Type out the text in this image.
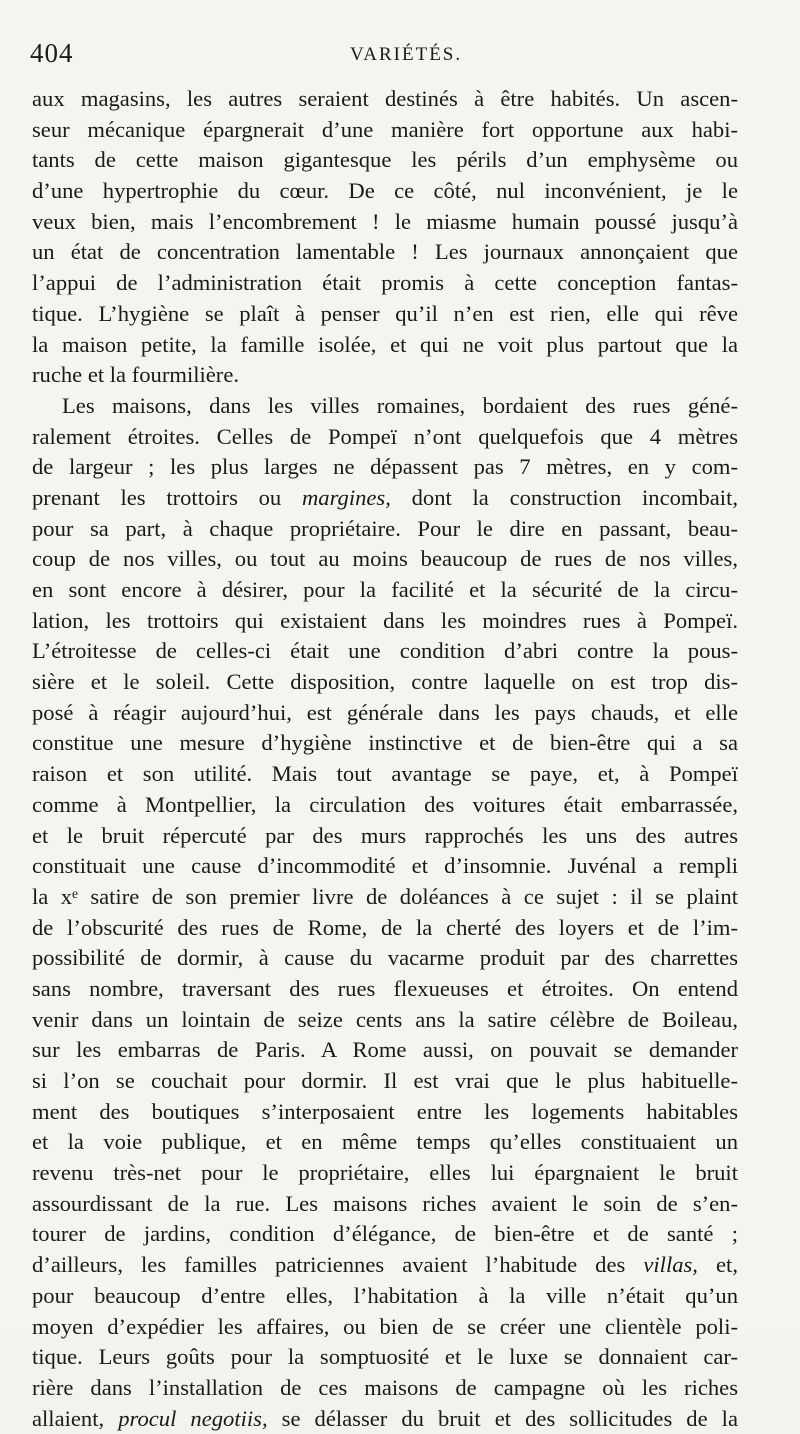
404	VARIÉTÉS.
aux magasins, les autres seraient destinés à être habités. Un ascen-
seur mécanique épargnerait d’une manière fort opportune aux habi-
tants de cette maison gigantesque les périls d’un emphysème ou
d’une hypertrophie du cœur. De ce côté, nul inconvénient, je le
veux bien, mais l’encombrement ! le miasme humain poussé jusqu’à
un état de concentration lamentable ! Les journaux annonçaient que
l’appui de l’administration était promis à cette conception fantas-
tique. L’hygiène se plaît à penser qu’il n’en est rien, elle qui rêve
la maison petite, la famille isolée, et qui ne voit plus partout que la
ruche et la fourmilière.
Les maisons, dans les villes romaines, bordaient des rues géné-
ralement étroites. Celles de Pompeï n’ont quelquefois que 4 mètres
de largeur ; les plus larges ne dépassent pas 7 mètres, en y com-
prenant les trottoirs ou margines, dont la construction incombait,
pour sa part, à chaque propriétaire. Pour le dire en passant, beau-
coup de nos villes, ou tout au moins beaucoup de rues de nos villes,
en sont encore à désirer, pour la facilité et la sécurité de la circu-
lation, les trottoirs qui existaient dans les moindres rues à Pompeï.
L’étroitesse de celles-ci était une condition d’abri contre la pous-
sière et le soleil. Cette disposition, contre laquelle on est trop dis-
posé à réagir aujourd’hui, est générale dans les pays chauds, et elle
constitue une mesure d’hygiène instinctive et de bien-être qui a sa
raison et son utilité. Mais tout avantage se paye, et, à Pompeï
comme à Montpellier, la circulation des voitures était embarrassée,
et le bruit répercuté par des murs rapprochés les uns des autres
constituait une cause d’incommodité et d’insomnie. Juvénal a rempli
la xᵉ satire de son premier livre de doléances à ce sujet : il se plaint
de l’obscurité des rues de Rome, de la cherté des loyers et de l’im-
possibilité de dormir, à cause du vacarme produit par des charrettes
sans nombre, traversant des rues flexueuses et étroites. On entend
venir dans un lointain de seize cents ans la satire célèbre de Boileau,
sur les embarras de Paris. A Rome aussi, on pouvait se demander
si l’on se couchait pour dormir. Il est vrai que le plus habituelle-
ment des boutiques s’interposaient entre les logements habitables
et la voie publique, et en même temps qu’elles constituaient un
revenu très-net pour le propriétaire, elles lui épargnaient le bruit
assourdissant de la rue. Les maisons riches avaient le soin de s’en-
tourer de jardins, condition d’élégance, de bien-être et de santé ;
d’ailleurs, les familles patriciennes avaient l’habitude des villas, et,
pour beaucoup d’entre elles, l’habitation à la ville n’était qu’un
moyen d’expédier les affaires, ou bien de se créer une clientèle poli-
tique. Leurs goûts pour la somptuosité et le luxe se donnaient car-
rière dans l’installation de ces maisons de campagne où les riches
allaient, procul negotiis, se délasser du bruit et des sollicitudes de la
